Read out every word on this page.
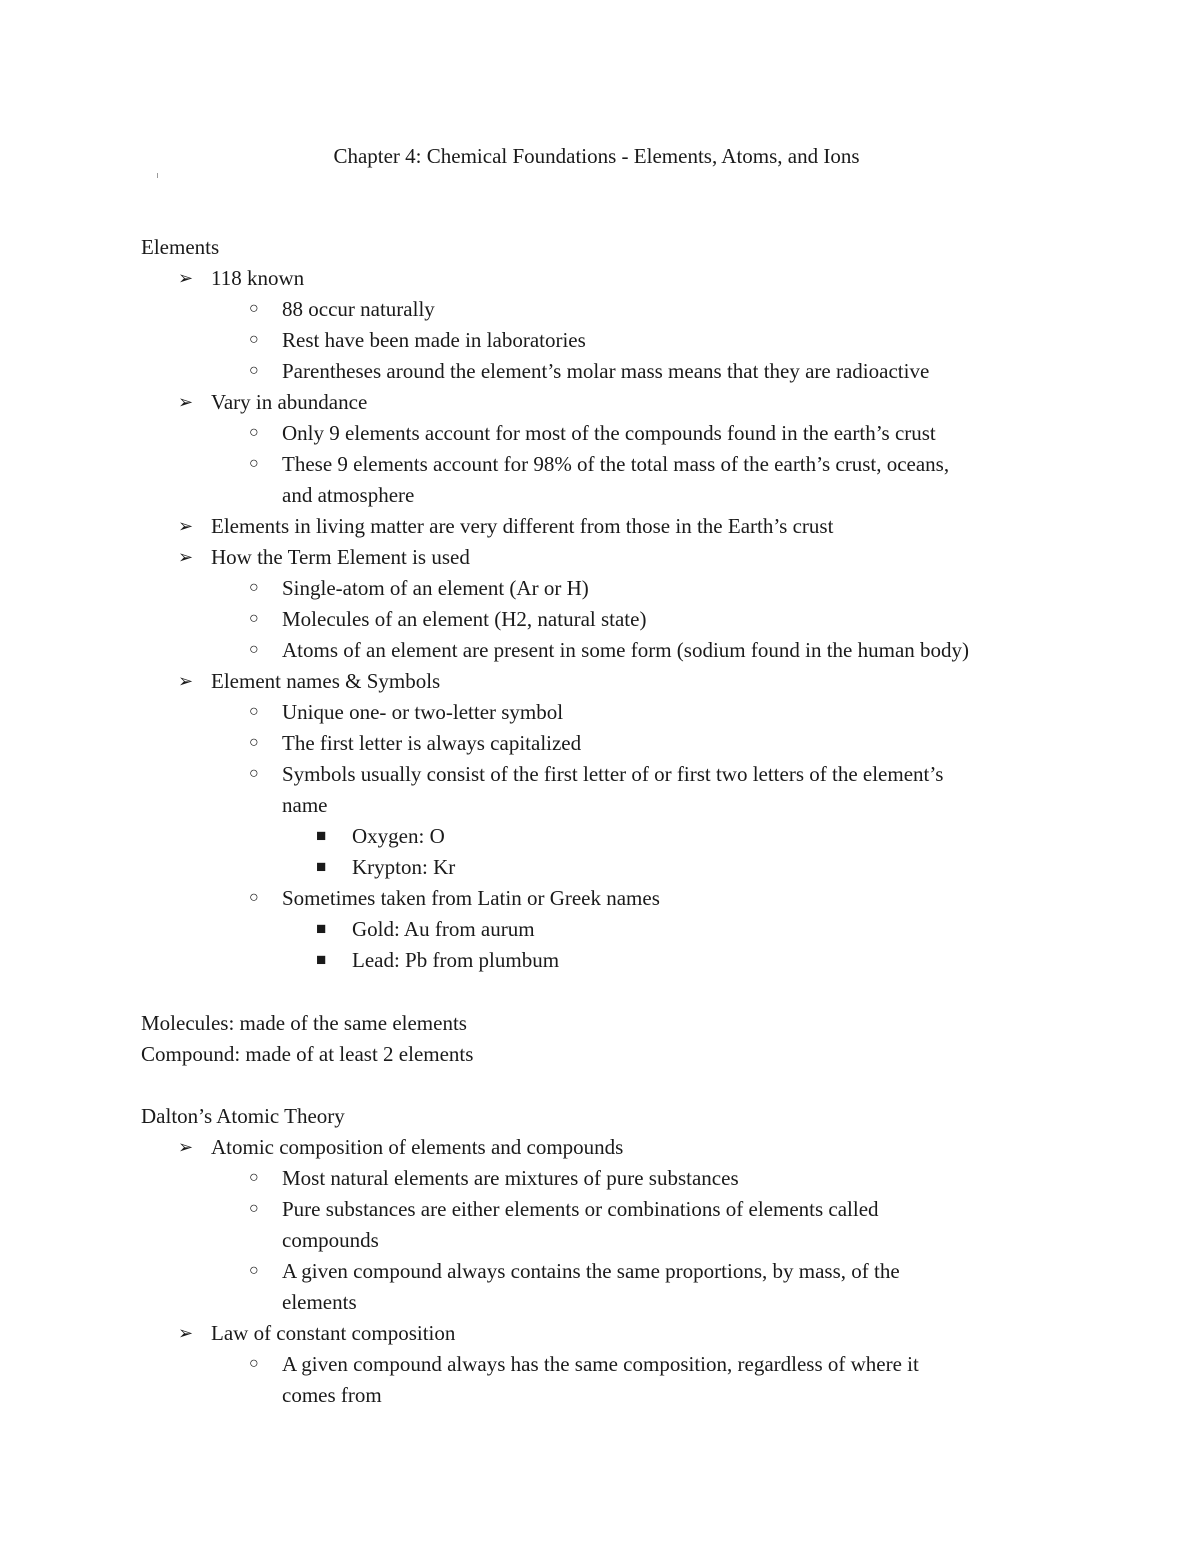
Chapter 4: Chemical Foundations - Elements, Atoms, and Ions
Elements
➢ 118 known
○ 88 occur naturally
○ Rest have been made in laboratories
○ Parentheses around the element’s molar mass means that they are radioactive
➢ Vary in abundance
○ Only 9 elements account for most of the compounds found in the earth’s crust
○ These 9 elements account for 98% of the total mass of the earth’s crust, oceans,
and atmosphere
➢ Elements in living matter are very different from those in the Earth’s crust
➢ How the Term Element is used
○ Single-atom of an element (Ar or H)
○ Molecules of an element (H2, natural state)
○ Atoms of an element are present in some form (sodium found in the human body)
➢ Element names & Symbols
○ Unique one- or two-letter symbol
○ The first letter is always capitalized
○ Symbols usually consist of the first letter of or first two letters of the element’s
name
■ Oxygen: O
■ Krypton: Kr
○ Sometimes taken from Latin or Greek names
■ Gold: Au from aurum
■ Lead: Pb from plumbum
Molecules: made of the same elements
Compound: made of at least 2 elements
Dalton’s Atomic Theory
➢ Atomic composition of elements and compounds
○ Most natural elements are mixtures of pure substances
○ Pure substances are either elements or combinations of elements called
compounds
○ A given compound always contains the same proportions, by mass, of the
elements
➢ Law of constant composition
○ A given compound always has the same composition, regardless of where it
comes from
